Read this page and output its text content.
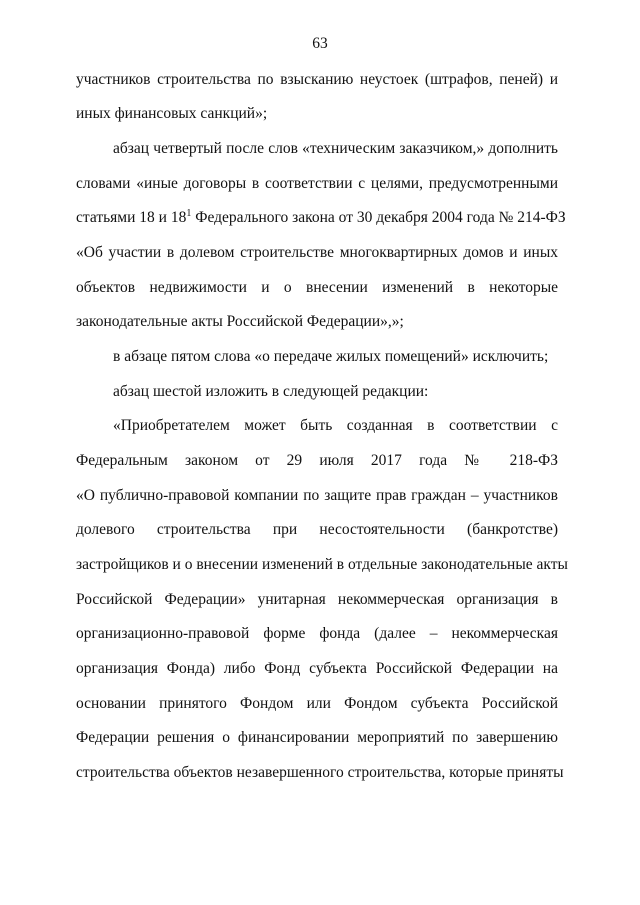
63
участников строительства по взысканию неустоек (штрафов, пеней) и
иных финансовых санкций»;
абзац четвертый после слов «техническим заказчиком,» дополнить
словами «иные договоры в соответствии с целями, предусмотренными
статьями 18 и $18^1$ Федерального закона от 30 декабря 2004 года № 214-ФЗ
«Об участии в долевом строительстве многоквартирных домов и иных
объектов недвижимости и о внесении изменений в некоторые
законодательные акты Российской Федерации»,»;
в абзаце пятом слова «о передаче жилых помещений» исключить;
абзац шестой изложить в следующей редакции:
«Приобретателем может быть созданная в соответствии с
Федеральным законом от 29 июля 2017 года № 218-ФЗ
«О публично-правовой компании по защите прав граждан – участников
долевого строительства при несостоятельности (банкротстве)
застройщиков и о внесении изменений в отдельные законодательные акты
Российской Федерации» унитарная некоммерческая организация в
организационно-правовой форме фонда (далее – некоммерческая
организация Фонда) либо Фонд субъекта Российской Федерации на
основании принятого Фондом или Фондом субъекта Российской
Федерации решения о финансировании мероприятий по завершению
строительства объектов незавершенного строительства, которые приняты
